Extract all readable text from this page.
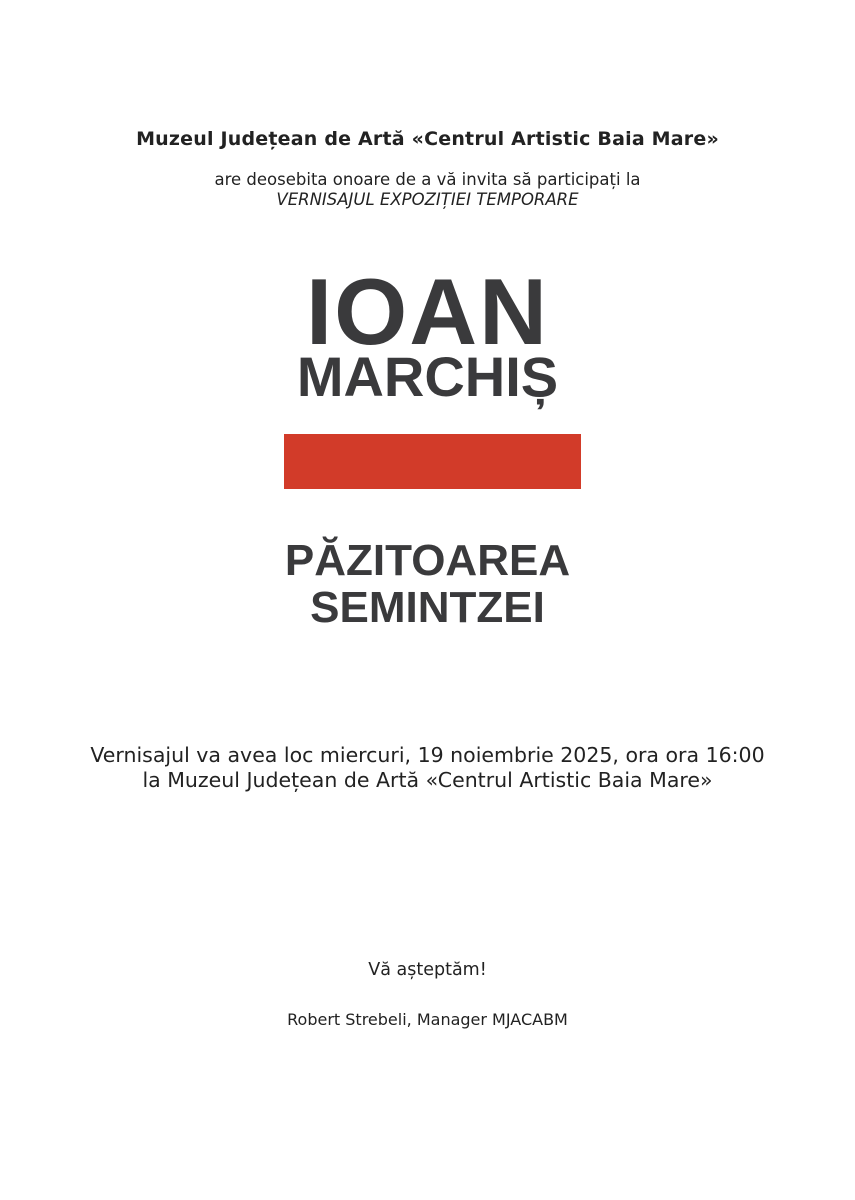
Muzeul Județean de Artă «Centrul Artistic Baia Mare»
are deosebita onoare de a vă invita să participați la
VERNISAJUL EXPOZIȚIEI TEMPORARE
IOAN
MARCHIȘ
PĂZITOAREA
SEMINTZEI
Vernisajul va avea loc miercuri, 19 noiembrie 2025, ora ora 16:00
la Muzeul Județean de Artă «Centrul Artistic Baia Mare»
Vă așteptăm!
Robert Strebeli, Manager MJACABM
